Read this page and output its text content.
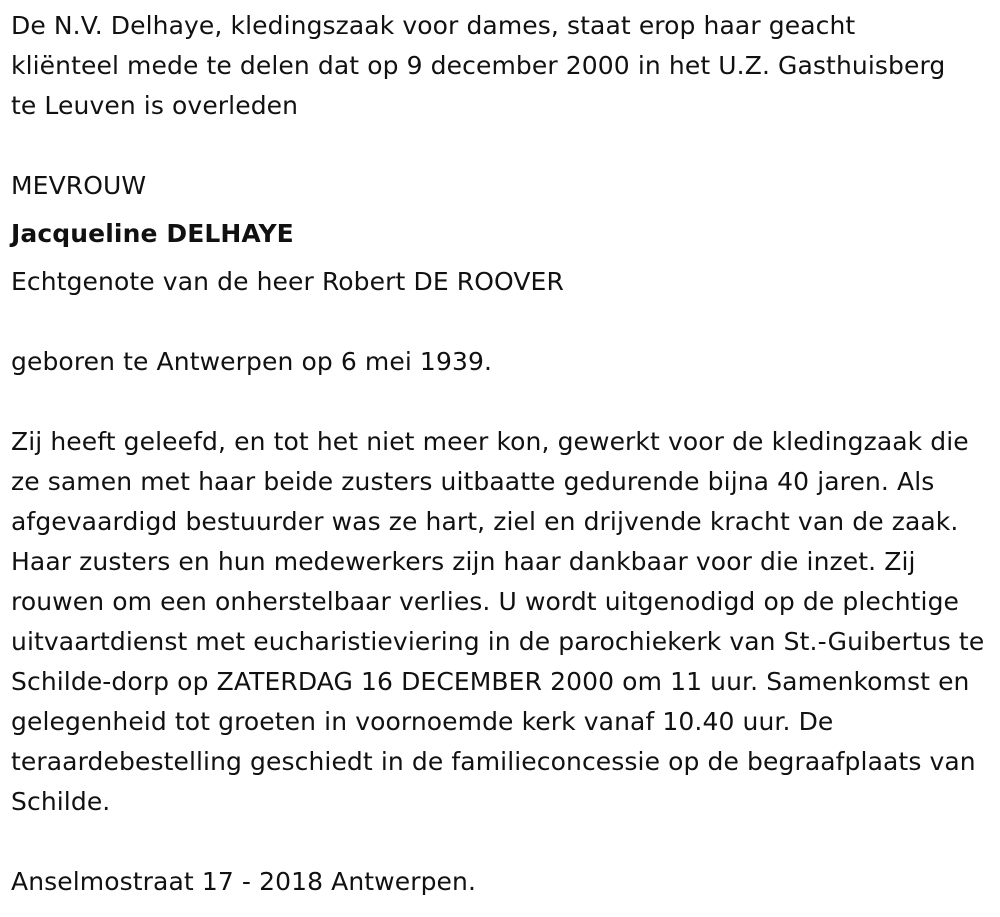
De N.V. Delhaye, kledingszaak voor dames, staat erop haar geacht kliënteel mede te delen dat op 9 december 2000 in het U.Z. Gasthuisberg te Leuven is overleden

MEVROUW

Jacqueline DELHAYE

Echtgenote van de heer Robert DE ROOVER

geboren te Antwerpen op 6 mei 1939.

Zij heeft geleefd, en tot het niet meer kon, gewerkt voor de kledingzaak die ze samen met haar beide zusters uitbaatte gedurende bijna 40 jaren. Als afgevaardigd bestuurder was ze hart, ziel en drijvende kracht van de zaak. Haar zusters en hun medewerkers zijn haar dankbaar voor die inzet. Zij rouwen om een onherstelbaar verlies. U wordt uitgenodigd op de plechtige uitvaartdienst met eucharistieviering in de parochiekerk van St.-Guibertus te Schilde-dorp op ZATERDAG 16 DECEMBER 2000 om 11 uur. Samenkomst en gelegenheid tot groeten in voornoemde kerk vanaf 10.40 uur. De teraardebestelling geschiedt in de familieconcessie op de begraafplaats van Schilde.

Anselmostraat 17 - 2018 Antwerpen.
